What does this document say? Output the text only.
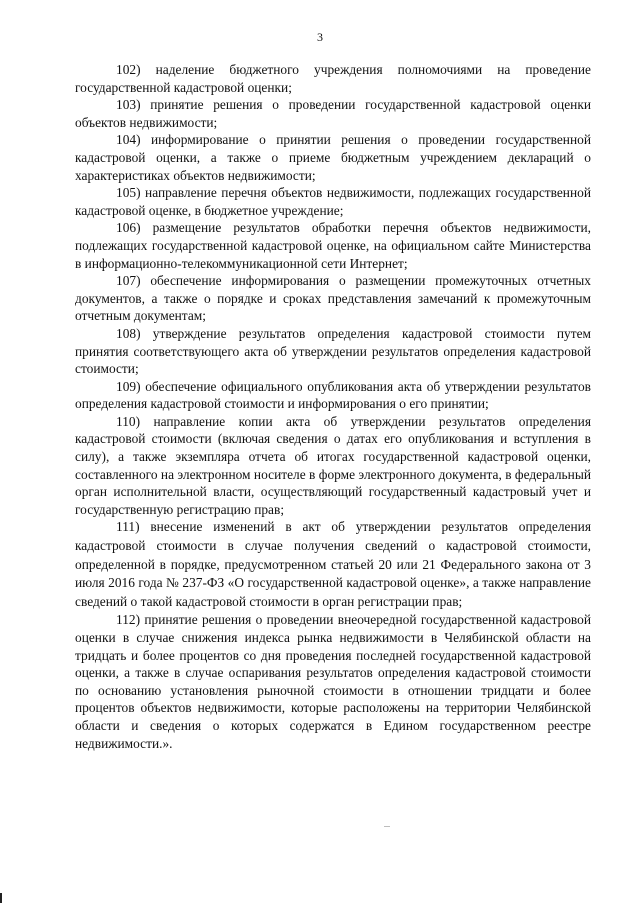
3

102) наделение бюджетного учреждения полномочиями на проведение государственной кадастровой оценки;

103) принятие решения о проведении государственной кадастровой оценки объектов недвижимости;

104) информирование о принятии решения о проведении государственной кадастровой оценки, а также о приеме бюджетным учреждением деклараций о характеристиках объектов недвижимости;

105) направление перечня объектов недвижимости, подлежащих государственной кадастровой оценке, в бюджетное учреждение;

106) размещение результатов обработки перечня объектов недвижимости, подлежащих государственной кадастровой оценке, на официальном сайте Министерства в информационно-телекоммуникационной сети Интернет;

107) обеспечение информирования о размещении промежуточных отчетных документов, а также о порядке и сроках представления замечаний к промежуточным отчетным документам;

108) утверждение результатов определения кадастровой стоимости путем принятия соответствующего акта об утверждении результатов определения кадастровой стоимости;

109) обеспечение официального опубликования акта об утверждении результатов определения кадастровой стоимости и информирования о его принятии;

110) направление копии акта об утверждении результатов определения кадастровой стоимости (включая сведения о датах его опубликования и вступления в силу), а также экземпляра отчета об итогах государственной кадастровой оценки, составленного на электронном носителе в форме электронного документа, в федеральный орган исполнительной власти, осуществляющий государственный кадастровый учет и государственную регистрацию прав;

111) внесение изменений в акт об утверждении результатов определения кадастровой стоимости в случае получения сведений о кадастровой стоимости, определенной в порядке, предусмотренном статьей 20 или 21 Федерального закона от 3 июля 2016 года № 237-ФЗ «О государственной кадастровой оценке», а также направление сведений о такой кадастровой стоимости в орган регистрации прав;

112) принятие решения о проведении внеочередной государственной кадастровой оценки в случае снижения индекса рынка недвижимости в Челябинской области на тридцать и более процентов со дня проведения последней государственной кадастровой оценки, а также в случае оспаривания результатов определения кадастровой стоимости по основанию установления рыночной стоимости в отношении тридцати и более процентов объектов недвижимости, которые расположены на территории Челябинской области и сведения о которых содержатся в Едином государственном реестре недвижимости.».
